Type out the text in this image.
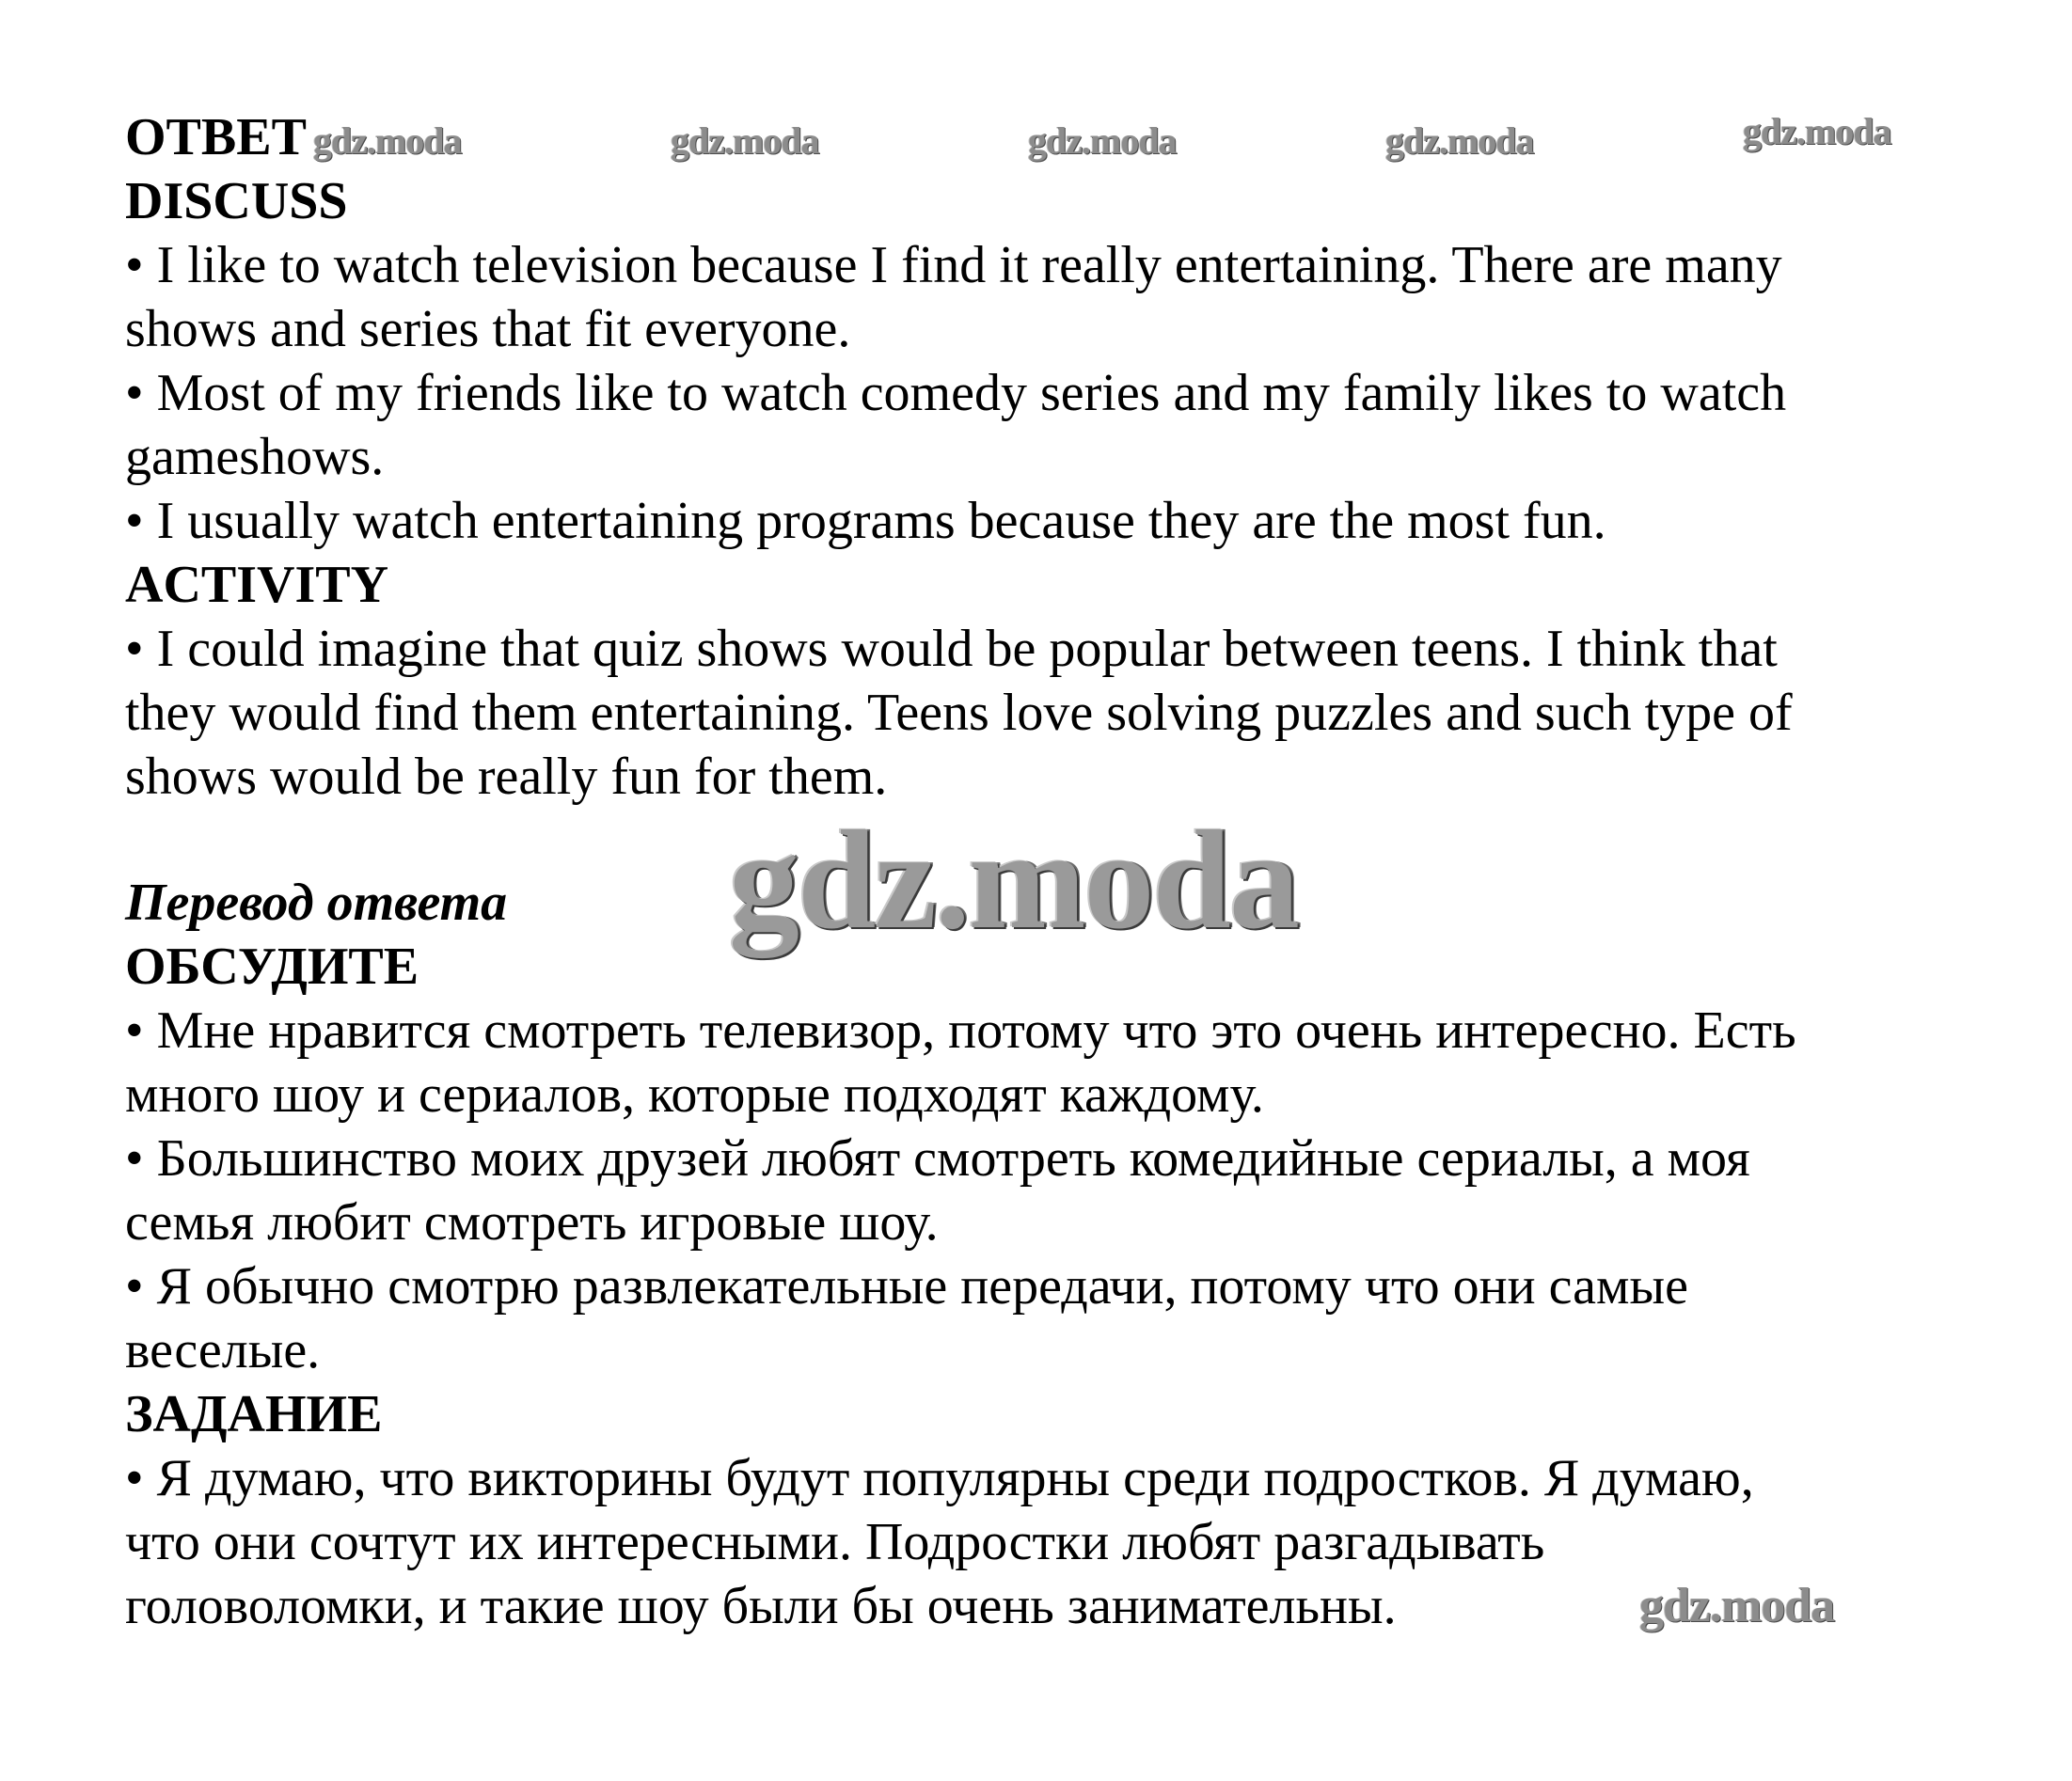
ОТВЕТ gdz.moda	gdz.moda	gdz.moda	gdz.moda	gdz.moda
DISCUSS
• I like to watch television because I find it really entertaining. There are many
shows and series that fit everyone.
• Most of my friends like to watch comedy series and my family likes to watch
gameshows.
• I usually watch entertaining programs because they are the most fun.
ACTIVITY
• I could imagine that quiz shows would be popular between teens. I think that
they would find them entertaining. Teens love solving puzzles and such type of
shows would be really fun for them.
gdz.moda
Перевод ответа
ОБСУДИТЕ
• Мне нравится смотреть телевизор, потому что это очень интересно. Есть
много шоу и сериалов, которые подходят каждому.
• Большинство моих друзей любят смотреть комедийные сериалы, а моя
семья любит смотреть игровые шоу.
• Я обычно смотрю развлекательные передачи, потому что они самые
веселые.
ЗАДАНИЕ
• Я думаю, что викторины будут популярны среди подростков. Я думаю,
что они сочтут их интересными. Подростки любят разгадывать
головоломки, и такие шоу были бы очень занимательны.	gdz.moda
